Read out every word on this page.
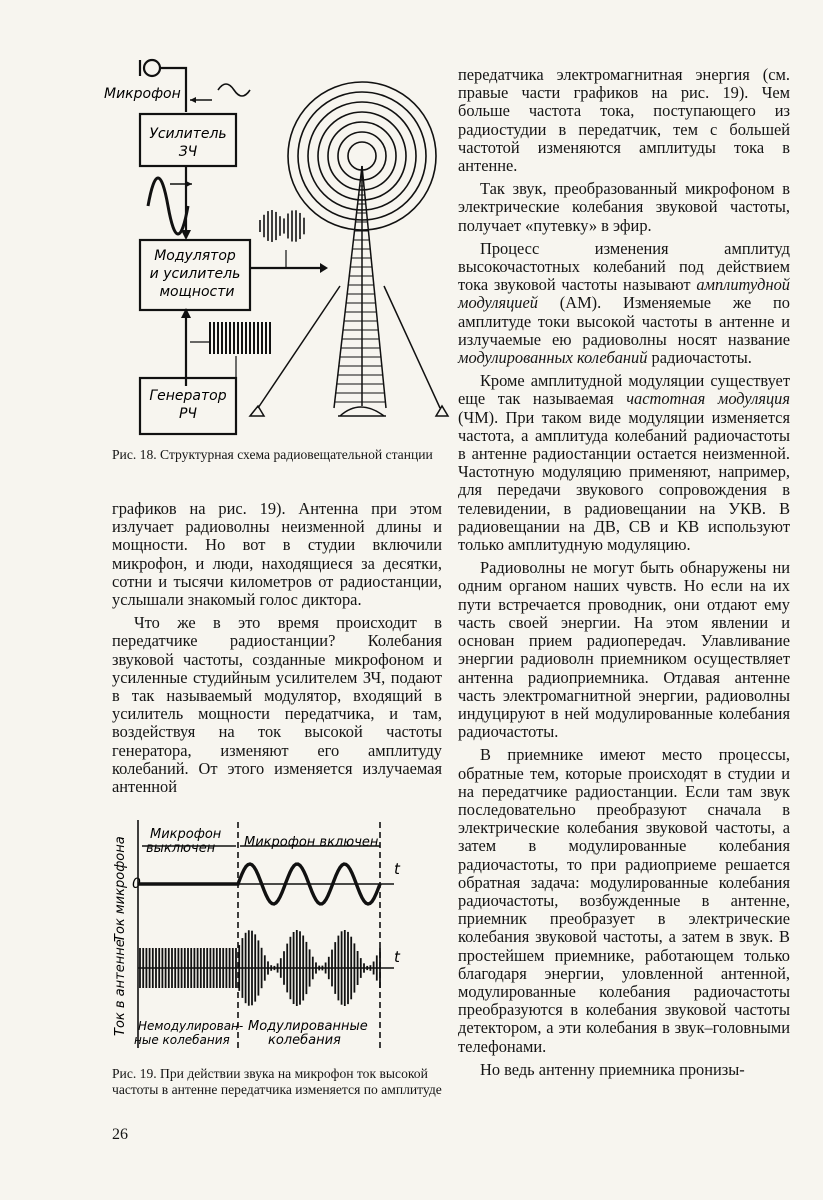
Микрофон
Усилитель
ЗЧ
Модулятор
и усилитель
мощности
Генератор
РЧ
Рис. 18. Структурная схема радиовещательной станции

графиков на рис. 19). Антенна при этом излучает радиоволны неизменной длины и мощности. Но вот в студии включили микрофон, и люди, находящиеся за десятки, сотни и тысячи километров от радиостанции, услышали знакомый голос диктора.

Что же в это время происходит в передатчике радиостанции? Колебания звуковой частоты, созданные микрофоном и усиленные студийным усилителем ЗЧ, подают в так называемый модулятор, входящий в усилитель мощности передатчика, и там, воздействуя на ток высокой частоты генератора, изменяют его амплитуду колебаний. От этого изменяется излучаемая антенной

Ток микрофона
Ток в антенне
Микрофон
выключен Микрофон включен
0
t
t
Немодулирован-
ные колебания
Модулированные
колебания
Рис. 19. При действии звука на микрофон ток высокой частоты в антенне передатчика изменяется по амплитуде
26

передатчика электромагнитная энергия (см. правые части графиков на рис. 19). Чем больше частота тока, поступающего из радиостудии в передатчик, тем с большей частотой изменяются амплитуды тока в антенне.

Так звук, преобразованный микрофоном в электрические колебания звуковой частоты, получает «путевку» в эфир.

Процесс изменения амплитуд высокочастотных колебаний под действием тока звуковой частоты называют амплитудной модуляцией (АМ). Изменяемые же по амплитуде токи высокой частоты в антенне и излучаемые ею радиоволны носят название модулированных колебаний радиочастоты.

Кроме амплитудной модуляции существует еще так называемая частотная модуляция (ЧМ). При таком виде модуляции изменяется частота, а амплитуда колебаний радиочастоты в антенне радиостанции остается неизменной. Частотную модуляцию применяют, например, для передачи звукового сопровождения в телевидении, в радиовещании на УКВ. В радиовещании на ДВ, СВ и КВ используют только амплитудную модуляцию.

Радиоволны не могут быть обнаружены ни одним органом наших чувств. Но если на их пути встречается проводник, они отдают ему часть своей энергии. На этом явлении и основан прием радиопередач. Улавливание энергии радиоволн приемником осуществляет антенна радиоприемника. Отдавая антенне часть электромагнитной энергии, радиоволны индуцируют в ней модулированные колебания радиочастоты.

В приемнике имеют место процессы, обратные тем, которые происходят в студии и на передатчике радиостанции. Если там звук последовательно преобразуют сначала в электрические колебания звуковой частоты, а затем в модулированные колебания радиочастоты, то при радиоприеме решается обратная задача: модулированные колебания радиочастоты, возбужденные в антенне, приемник преобразует в электрические колебания звуковой частоты, а затем в звук. В простейшем приемнике, работающем только благодаря энергии, уловленной антенной, модулированные колебания радиочастоты преобразуются в колебания звуковой частоты детектором, а эти колебания в звук–головными телефонами.

Но ведь антенну приемника пронизы-
